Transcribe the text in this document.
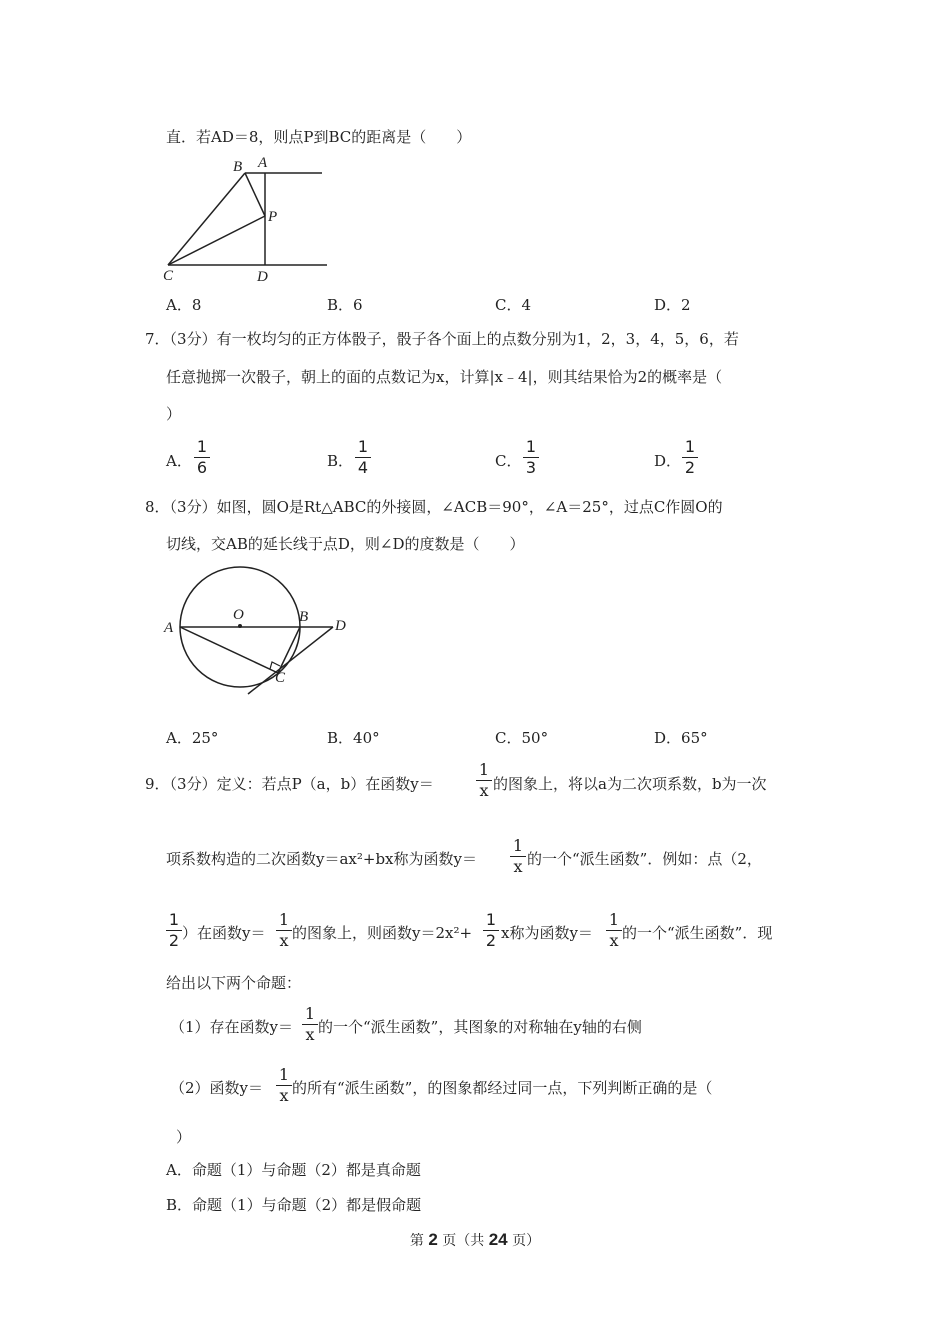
直．若AD＝8，则点P到BC的距离是（　　）
B A
P
C	D
A．8	B．6	C．4	D．2
7．（3分）有一枚均匀的正方体骰子，骰子各个面上的点数分别为1，2，3，4，5，6，若
任意抛掷一次骰子，朝上的面的点数记为x，计算|x﹣4|，则其结果恰为2的概率是（
）
A．
1
6	B．
1
4	C．
1
3	D．
1
2
8．（3分）如图，圆O是Rt△ABC的外接圆，∠ACB＝90°，∠A＝25°，过点C作圆O的
切线，交AB的延长线于点D，则∠D的度数是（　　）
O	B
A	D
C
A．25°	B．40°	C．50°	D．65°
9．（3分）定义：若点P（a，b）在函数y＝
1
x 的图象上，将以a为二次项系数，b为一次
项系数构造的二次函数y＝ax²+bx称为函数y＝
1
x 的一个“派生函数”．例如：点（2，
1
2 ）在函数y＝
1
x 的图象上，则函数y＝2x²+
1
2 x称为函数y＝
1
x 的一个“派生函数”．现
给出以下两个命题：
（1）存在函数y＝
1
x 的一个“派生函数”，其图象的对称轴在y轴的右侧
（2）函数y＝
1
x 的所有“派生函数”，的图象都经过同一点，下列判断正确的是（
）
A．命题（1）与命题（2）都是真命题
B．命题（1）与命题（2）都是假命题
第 2 页（共 24 页）
